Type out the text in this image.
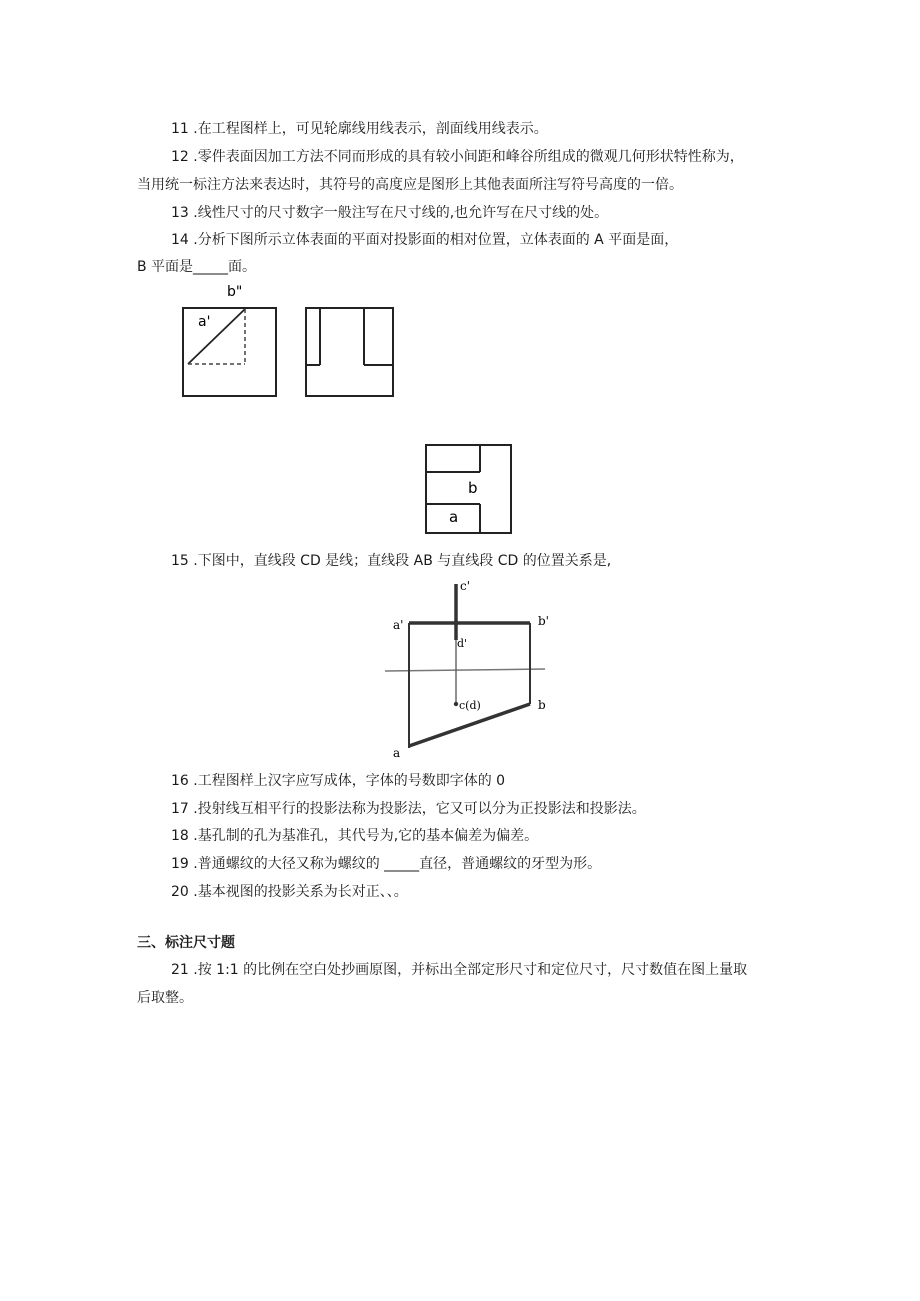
11 .在工程图样上，可见轮廓线用线表示，剖面线用线表示。
12 .零件表面因加工方法不同而形成的具有较小间距和峰谷所组成的微观几何形状特性称为，
当用统一标注方法来表达时，其符号的高度应是图形上其他表面所注写符号高度的一倍。
13 .线性尺寸的尺寸数字一般注写在尺寸线的,也允许写在尺寸线的处。
14 .分析下图所示立体表面的平面对投影面的相对位置，立体表面的 A 平面是面，
B 平面是_____面。
a'
b"
b
a
15 .下图中，直线段 CD 是线；直线段 AB 与直线段 CD 的位置关系是,
c'
a'	b'
d'
c(d)	b
a
16 .工程图样上汉字应写成体，字体的号数即字体的 0
17 .投射线互相平行的投影法称为投影法，它又可以分为正投影法和投影法。
18 .基孔制的孔为基准孔，其代号为,它的基本偏差为偏差。
19 .普通螺纹的大径又称为螺纹的 _____直径，普通螺纹的牙型为形。
20 .基本视图的投影关系为长对正、、。
三、标注尺寸题
21 .按 1:1 的比例在空白处抄画原图，并标出全部定形尺寸和定位尺寸，尺寸数值在图上量取
后取整。
